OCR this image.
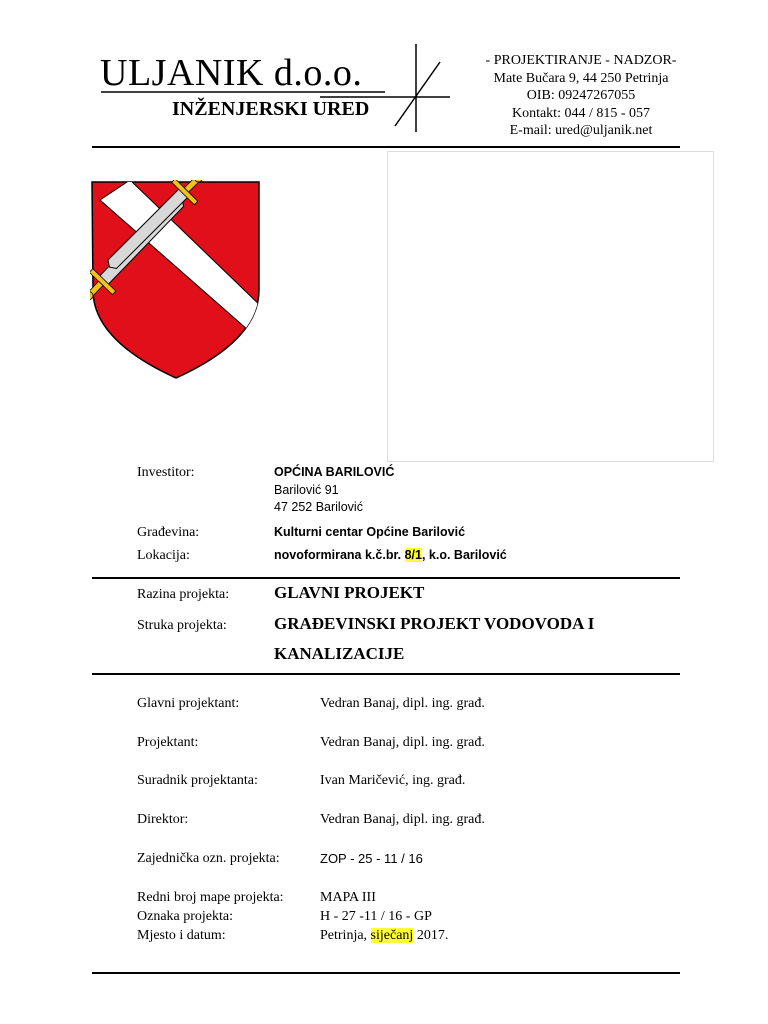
ULJANIK d.o.o.
INŽENJERSKI URED
- PROJEKTIRANJE - NADZOR-
Mate Bučara 9, 44 250 Petrinja
OIB: 09247267055
Kontakt: 044 / 815 - 057
E-mail: ured@uljanik.net
Investitor:	OPĆINA BARILOVIĆ
Barilović 91
47 252 Barilović
Građevina:	Kulturni centar Općine Barilović
Lokacija:	novoformirana k.č.br. 8/1, k.o. Barilović
Razina projekta:	GLAVNI PROJEKT
Struka projekta:	GRAĐEVINSKI PROJEKT VODOVODA I
KANALIZACIJE
Glavni projektant:	Vedran Banaj, dipl. ing. građ.
Projektant:	Vedran Banaj, dipl. ing. građ.
Suradnik projektanta:	Ivan Maričević, ing. građ.
Direktor:	Vedran Banaj, dipl. ing. građ.
Zajednička ozn. projekta:	ZOP - 25 - 11 / 16
Redni broj mape projekta:	MAPA III
Oznaka projekta:	H - 27 -11 / 16 - GP
Mjesto i datum:	Petrinja, siječanj 2017.
